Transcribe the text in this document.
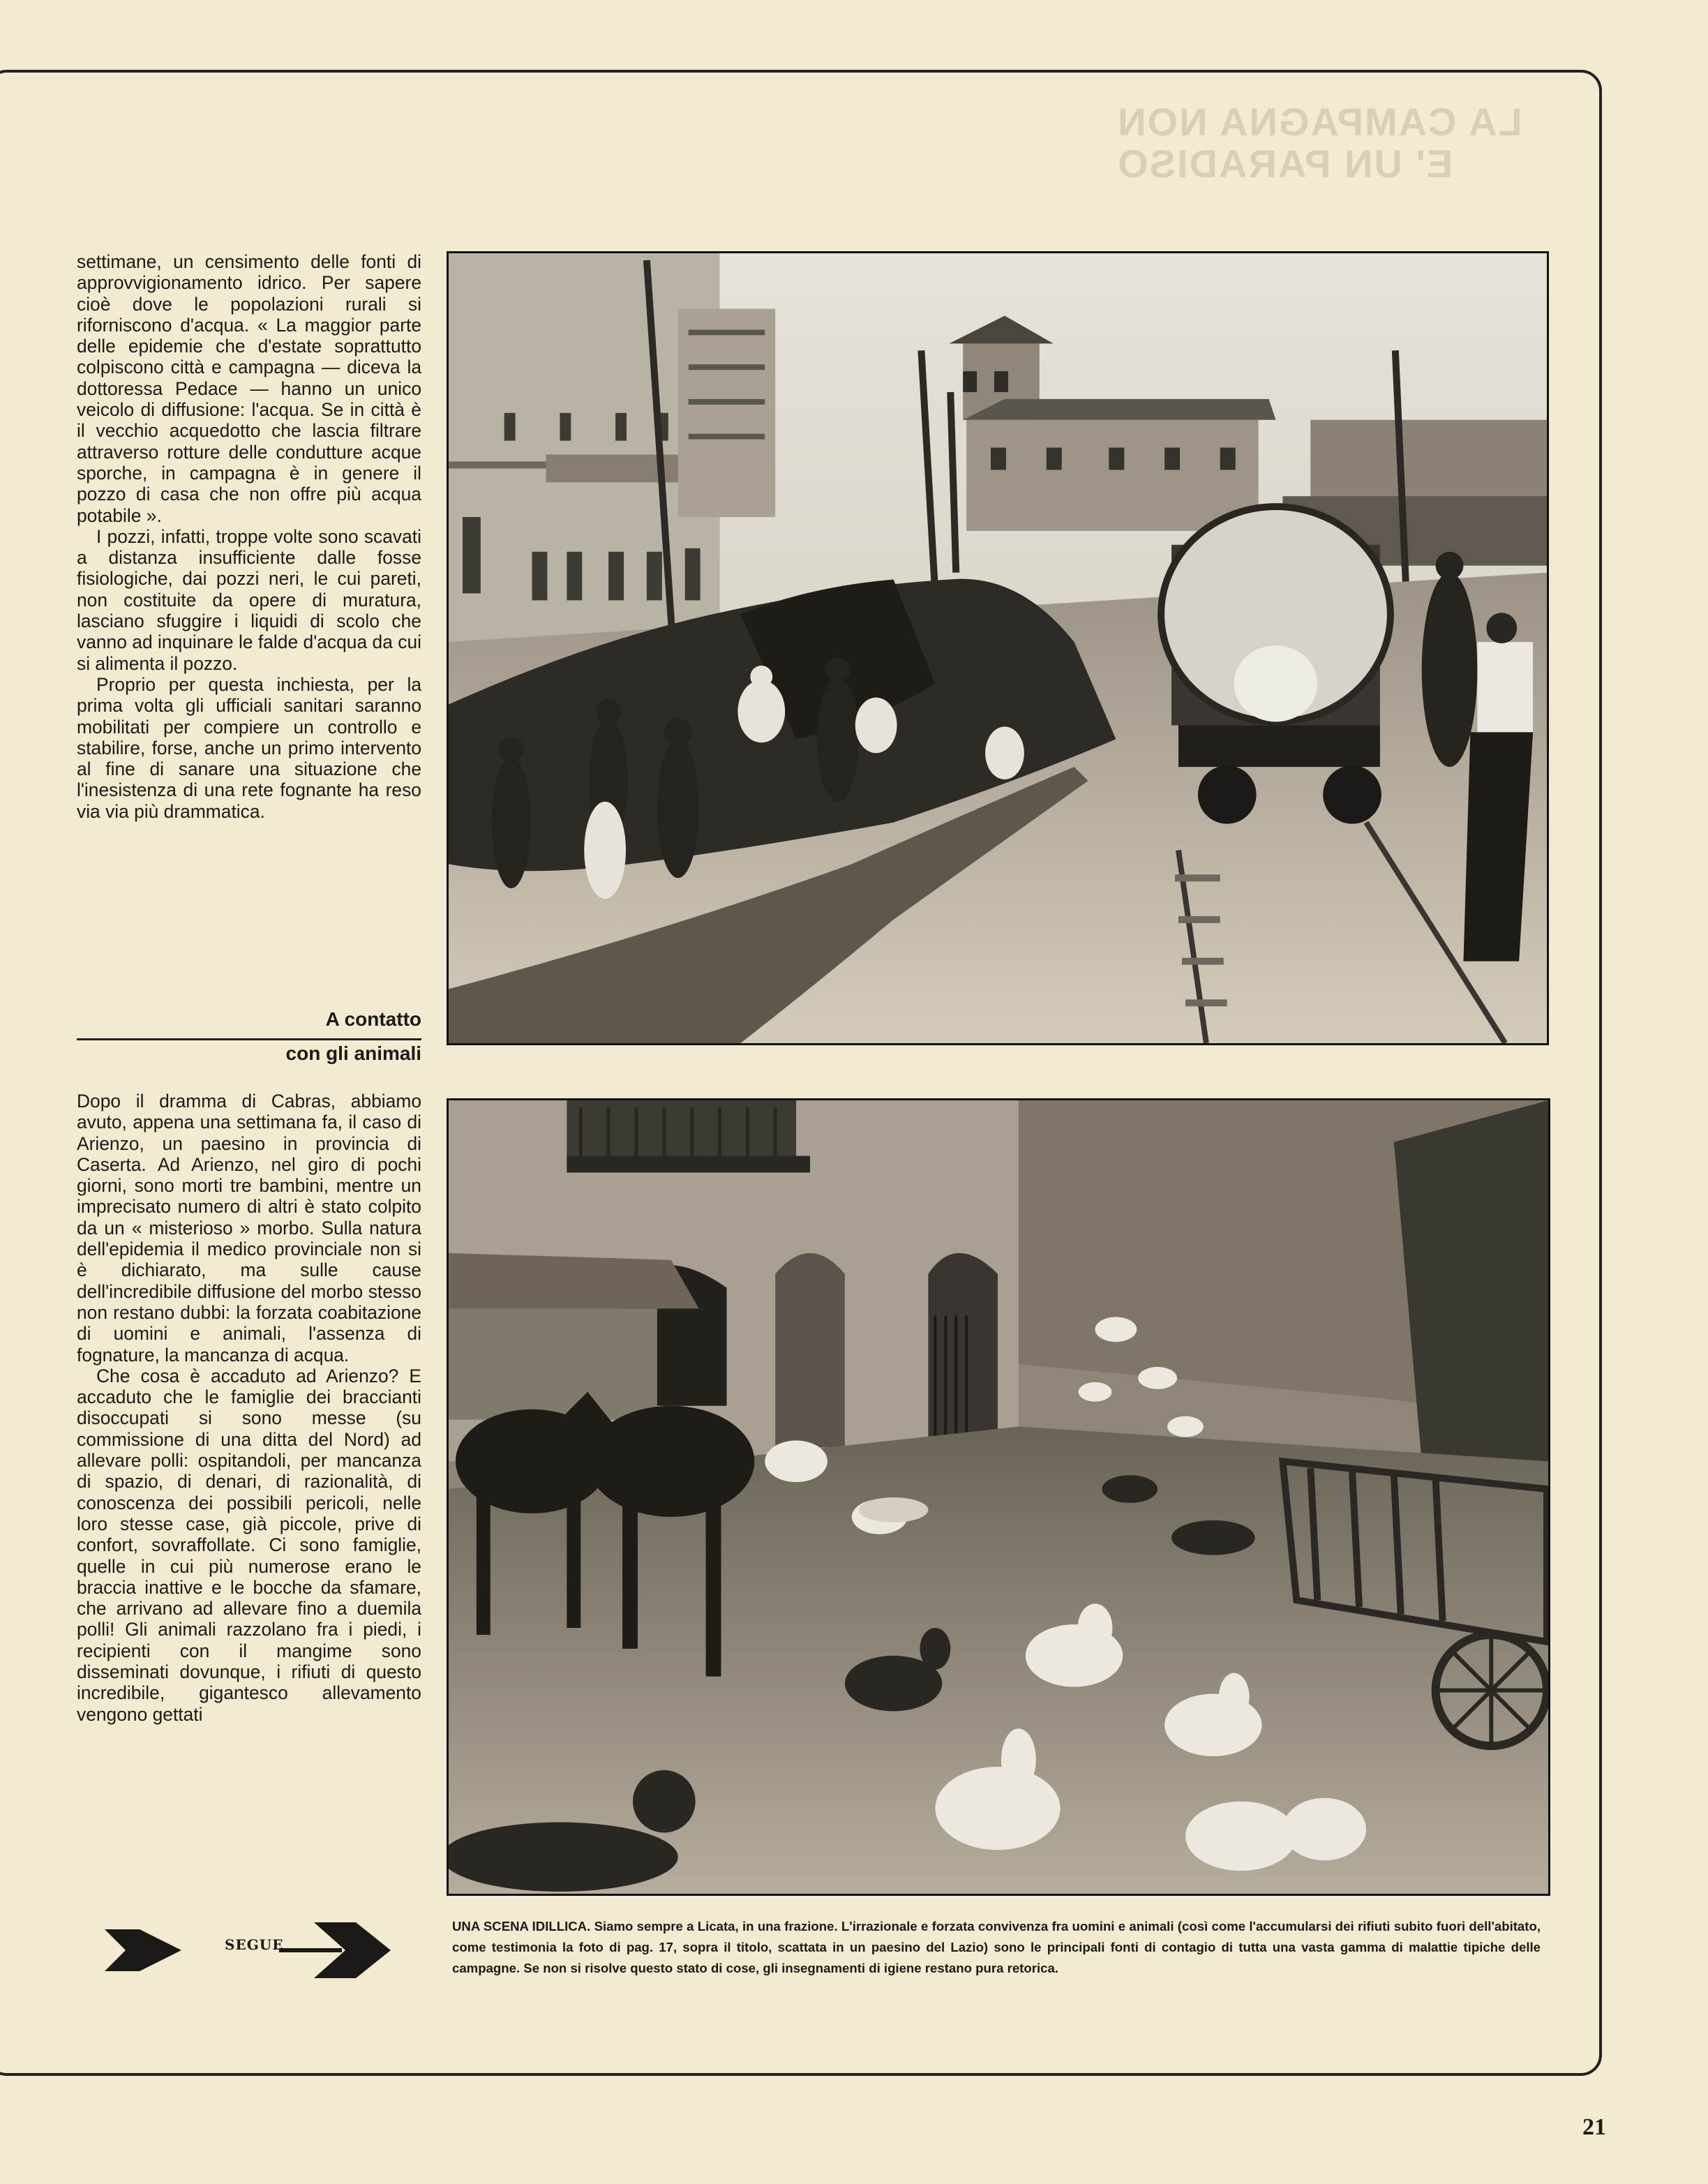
LA CAMPAGNA NON E' UN PARADISO

settimane, un censimento delle fonti di approvvigionamento idrico. Per sapere cioè dove le popolazioni rurali si riforniscono d'acqua. « La maggior parte delle epidemie che d'estate soprattutto colpiscono città e campagna — diceva la dottoressa Pedace — hanno un unico veicolo di diffusione: l'acqua. Se in città è il vecchio acquedotto che lascia filtrare attraverso rotture delle condutture acque sporche, in campagna è in genere il pozzo di casa che non offre più acqua potabile ».

I pozzi, infatti, troppe volte sono scavati a distanza insufficiente dalle fosse fisiologiche, dai pozzi neri, le cui pareti, non costituite da opere di muratura, lasciano sfuggire i liquidi di scolo che vanno ad inquinare le falde d'acqua da cui si alimenta il pozzo.

Proprio per questa inchiesta, per la prima volta gli ufficiali sanitari saranno mobilitati per compiere un controllo e stabilire, forse, anche un primo intervento al fine di sanare una situazione che l'inesistenza di una rete fognante ha reso via via più drammatica.

A contatto
con gli animali

Dopo il dramma di Cabras, abbiamo avuto, appena una settimana fa, il caso di Arienzo, un paesino in provincia di Caserta. Ad Arienzo, nel giro di pochi giorni, sono morti tre bambini, mentre un imprecisato numero di altri è stato colpito da un « misterioso » morbo. Sulla natura dell'epidemia il medico provinciale non si è dichiarato, ma sulle cause dell'incredibile diffusione del morbo stesso non restano dubbi: la forzata coabitazione di uomini e animali, l'assenza di fognature, la mancanza di acqua.

Che cosa è accaduto ad Arienzo? E accaduto che le famiglie dei braccianti disoccupati si sono messe (su commissione di una ditta del Nord) ad allevare polli: ospitandoli, per mancanza di spazio, di denari, di razionalità, di conoscenza dei possibili pericoli, nelle loro stesse case, già piccole, prive di confort, sovraffollate. Ci sono famiglie, quelle in cui più numerose erano le braccia inattive e le bocche da sfamare, che arrivano ad allevare fino a duemila polli! Gli animali razzolano fra i piedi, i recipienti con il mangime sono disseminati dovunque, i rifiuti di questo incredibile, gigantesco allevamento vengono gettati

SEGUE
UNA SCENA IDILLICA. Siamo sempre a Licata, in una frazione. L'irrazionale e forzata convivenza fra uomini e animali (così come l'accumularsi dei rifiuti subito fuori dell'abitato, come testimonia la foto di pag. 17, sopra il titolo, scattata in un paesino del Lazio) sono le principali fonti di contagio di tutta una vasta gamma di malattie tipiche delle campagne. Se non si risolve questo stato di cose, gli insegnamenti di igiene restano pura retorica.
21
